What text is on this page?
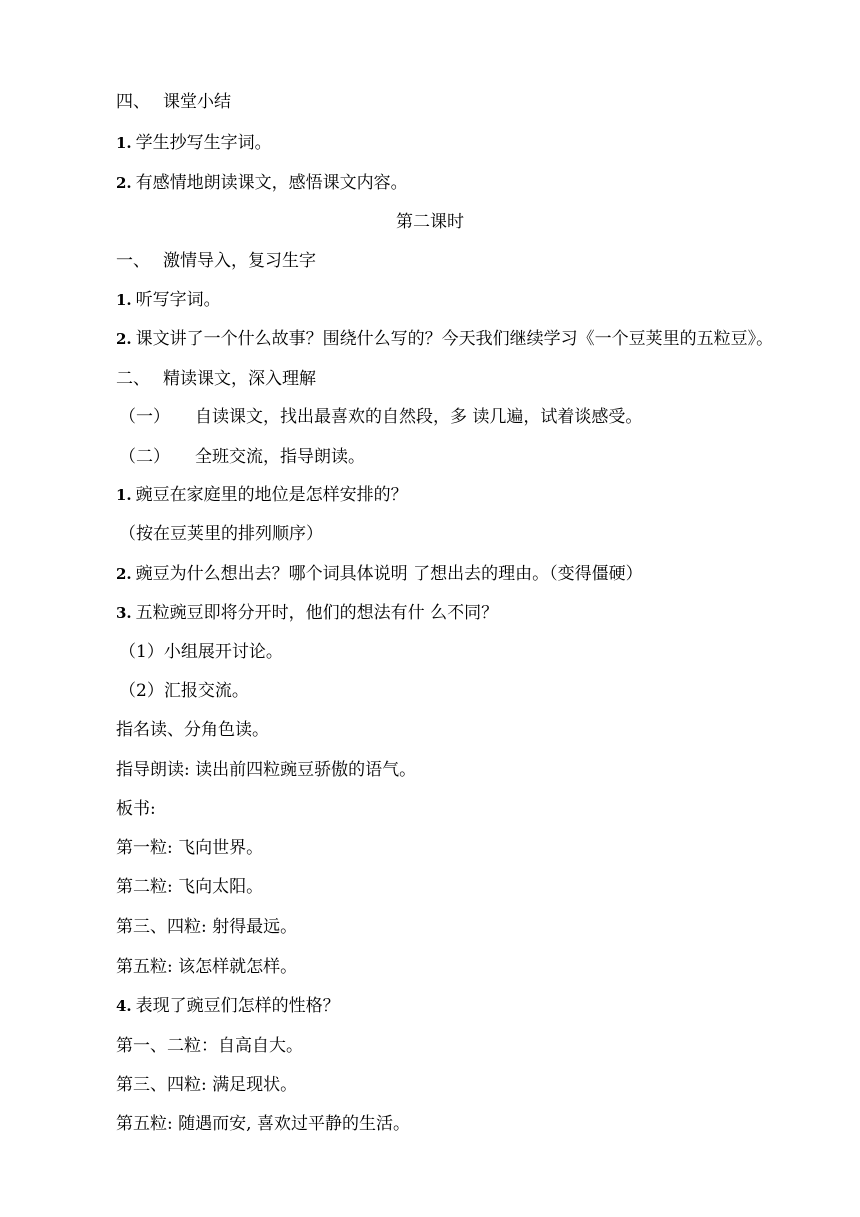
四、 课堂小结
1. 学生抄写生字词。
2. 有感情地朗读课文，感悟课文内容。
第二课时
一、 激情导入，复习生字
1. 听写字词。
2. 课文讲了一个什么故事？围绕什么写的？今天我们继续学习《一个豆荚里的五粒豆》。
二、 精读课文，深入理解
（一） 自读课文，找出最喜欢的自然段，多 读几遍，试着谈感受。
（二） 全班交流，指导朗读。
1. 豌豆在家庭里的地位是怎样安排的？
（按在豆荚里的排列顺序）
2. 豌豆为什么想出去？哪个词具体说明 了想出去的理由。（变得僵硬）
3. 五粒豌豆即将分开时，他们的想法有什 么不同？
（1）小组展开讨论。
（2）汇报交流。
指名读、分角色读。
指导朗读: 读出前四粒豌豆骄傲的语气。
板书:
第一粒: 飞向世界。
第二粒: 飞向太阳。
第三、四粒: 射得最远。
第五粒: 该怎样就怎样。
4. 表现了豌豆们怎样的性格？
第一、二粒：自高自大。
第三、四粒: 满足现状。
第五粒: 随遇而安, 喜欢过平静的生活。
